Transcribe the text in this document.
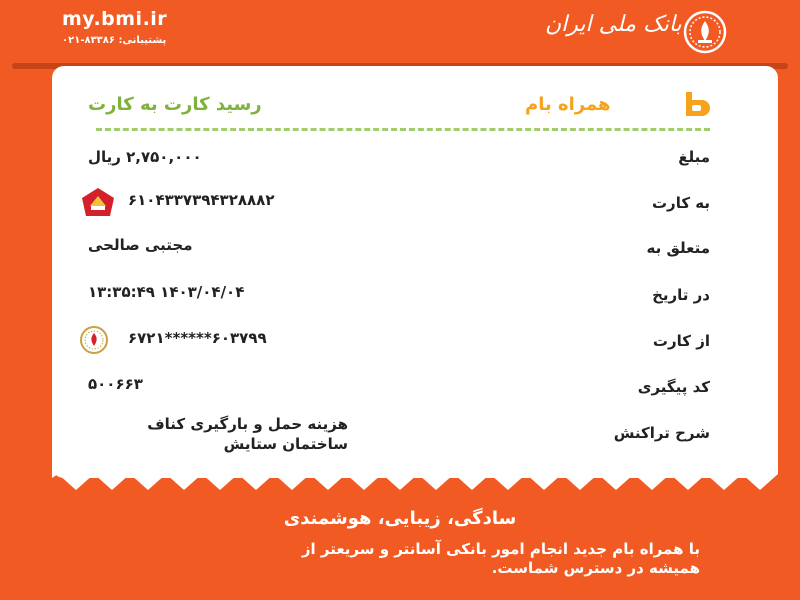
my.bmi.ir
پشتیبانی: ۸۳۳۸۶-۰۲۱
بانک ملی ایران
رسید کارت به کارت	همراه بام
مبلغ
۲,۷۵۰,۰۰۰ ریال
به کارت
۶۱۰۴۳۳۷۳۹۴۳۲۸۸۸۲
متعلق به
مجتبی صالحی
در تاریخ
۱۴۰۳/۰۴/۰۴ ۱۳:۳۵:۴۹
از کارت
۶۰۳۷۹۹******۶۷۲۱
کد پیگیری
۵۰۰۶۶۳
شرح تراکنش
هزینه حمل و بارگیری کناف
ساختمان ستایش
سادگی، زیبایی، هوشمندی
با همراه بام جدید انجام امور بانکی آسانتر و سریعتر از
همیشه در دسترس شماست.
